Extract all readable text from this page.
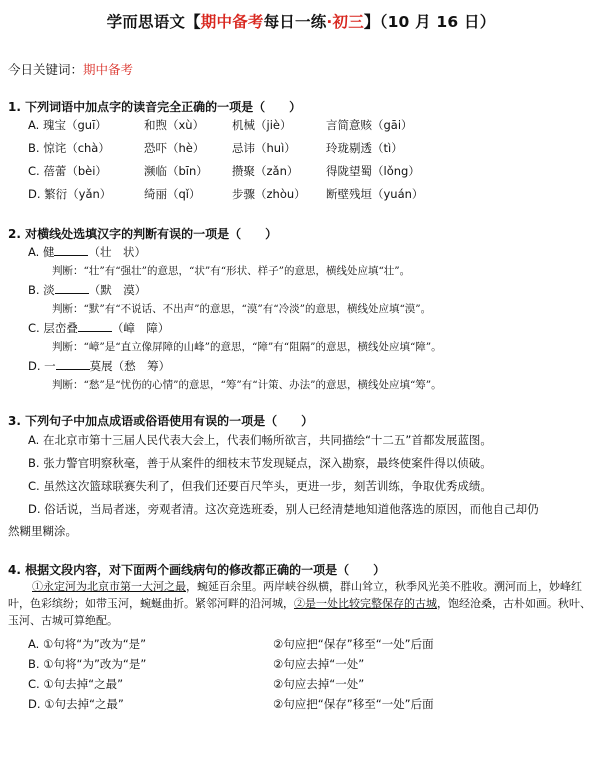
学而思语文【期中备考每日一练·初三】（10 月 16 日）
今日关键词：期中备考
1. 下列词语中加点字的读音完全正确的一项是（　　）
A. 瑰宝（guī）	和煦（xù） 机械（jiè）	言简意赅（gāi）
B. 惊诧（chà）	恐吓（hè） 忌讳（huì）	玲珑剔透（tì）
C. 蓓蕾（bèi）	濒临（bīn） 攒聚（zǎn） 得陇望蜀（lǒng）
D. 繁衍（yǎn）	绮丽（qǐ）	步骤（zhòu） 断壁残垣（yuán）
2. 对横线处选填汉字的判断有误的一项是（　　）
A. 健	（壮　状）
判断：“壮”有“强壮”的意思，“状”有“形状、样子”的意思，横线处应填“壮”。
B. 淡	（默　漠）
判断：“默”有“不说话、不出声”的意思，“漠”有“冷淡”的意思，横线处应填“漠”。
C. 层峦叠	（嶂　障）
判断：“嶂”是“直立像屏障的山峰”的意思，“障”有“阻隔”的意思，横线处应填“障”。
D. 一	莫展（愁　筹）
判断：“愁”是“忧伤的心情”的意思，“筹”有“计策、办法”的意思，横线处应填“筹”。
3. 下列句子中加点成语或俗语使用有误的一项是（　　）
A. 在北京市第十三届人民代表大会上，代表们畅所欲言，共同描绘“十二五”首都发展蓝图。
B. 张力警官明察秋毫，善于从案件的细枝末节发现疑点，深入勘察，最终使案件得以侦破。
C. 虽然这次篮球联赛失利了，但我们还要百尺竿头，更进一步，刻苦训练，争取优秀成绩。
D. 俗话说，当局者迷，旁观者清。这次竞选班委，别人已经清楚地知道他落选的原因，而他自己却仍
然糊里糊涂。
4. 根据文段内容，对下面两个画线病句的修改都正确的一项是（　　）
①永定河为北京市第一大河之最，蜿延百余里。两岸峡谷纵横，群山耸立，秋季风光美不胜收。溯河而上，妙峰红叶，色彩缤纷；如带玉河，蜿蜒曲折。紧邻河畔的沿河城，②是一处比较完整保存的古城，饱经沧桑，古朴如画。秋叶、玉河、古城可算绝配。
A. ①句将“为”改为“是”	②句应把“保存”移至“一处”后面
B. ①句将“为”改为“是”	②句应去掉“一处”
C. ①句去掉“之最”	②句应去掉“一处”
D. ①句去掉“之最”	②句应把“保存”移至“一处”后面
